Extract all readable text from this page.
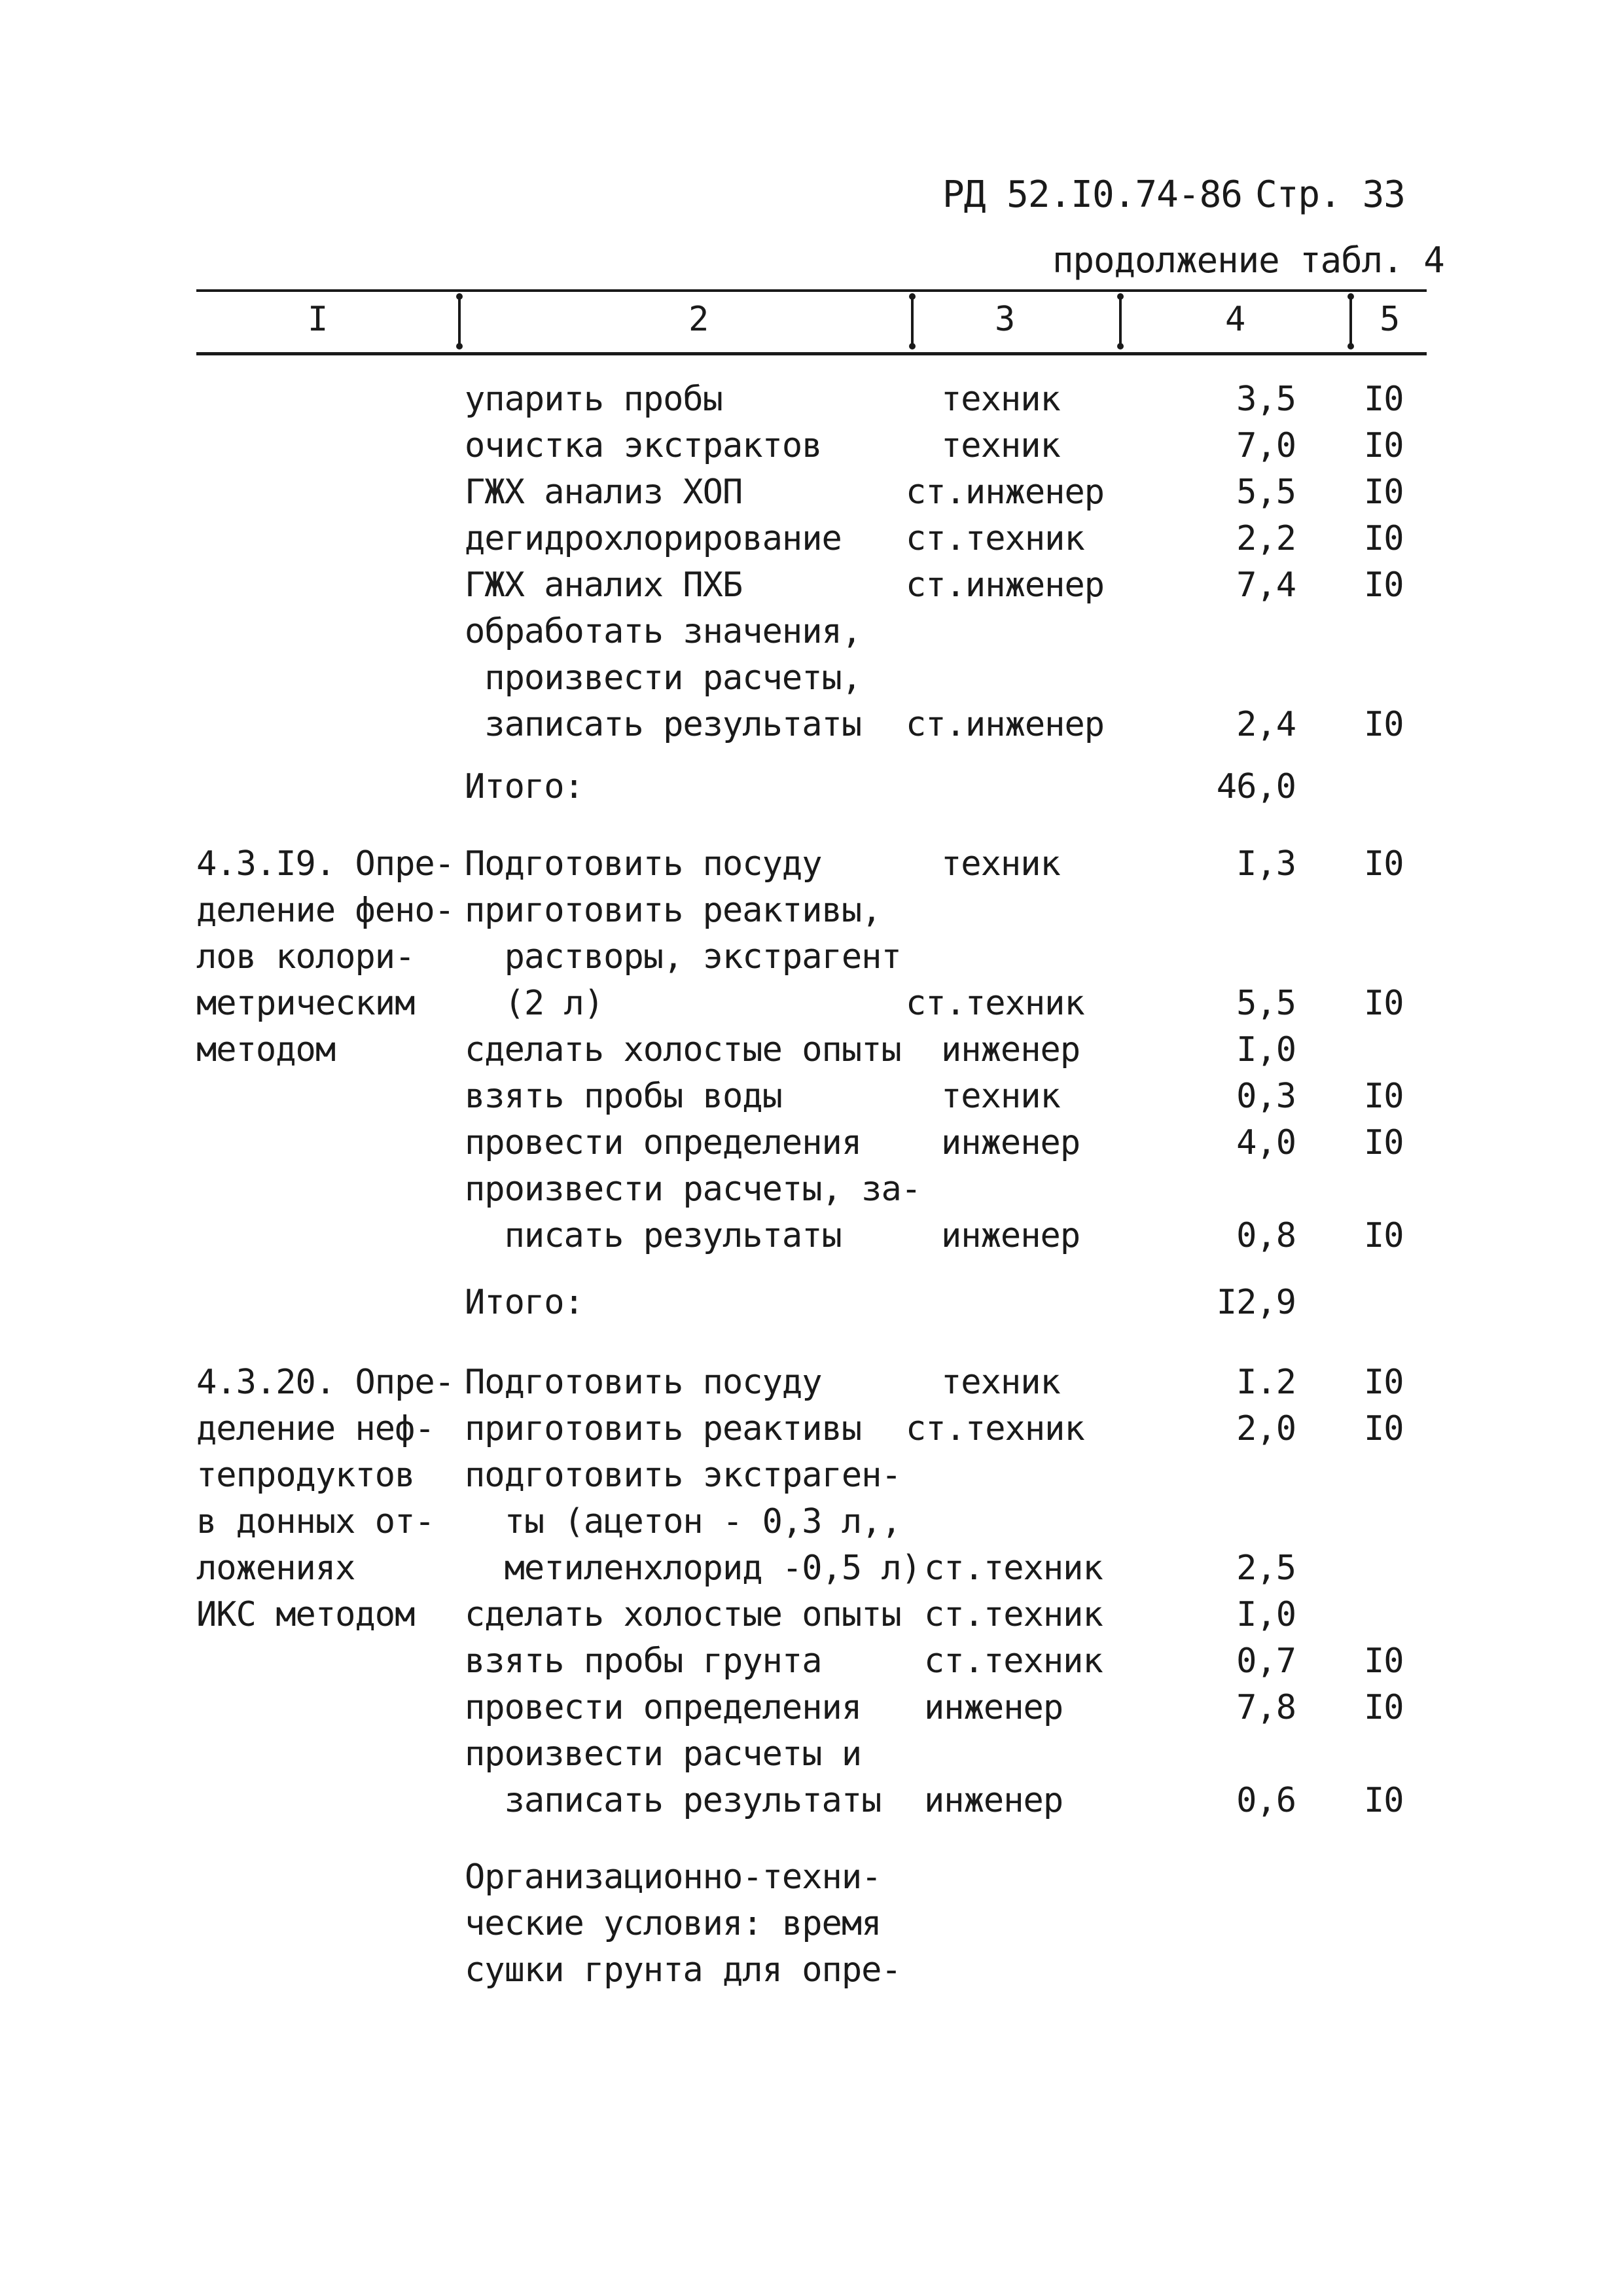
РД 52.I0.74-86 Стр. 33
продолжение табл. 4
I	2	3	4	5
упарить пробы	техник	3,5 I0
очистка экстрактов	техник	7,0 I0
ГЖХ анализ ХОП	ст.инженер	5,5 I0
дегидрохлорирование ст.техник	2,2 I0
ГЖХ аналих ПХБ	ст.инженер	7,4 I0
обработать значения,
произвести расчеты,
записать результаты ст.инженер	2,4 I0
Итого:	46,0
4.3.I9. Опре-
деление фено-
лов колори-
метрическим
методом
Подготовить посуду	техник	I,3 I0
приготовить реактивы,
растворы, экстрагент
(2 л)	ст.техник	5,5 I0
сделать холостые опыты инженер	I,0
взять пробы воды	техник	0,3 I0
провести определения инженер	4,0 I0
произвести расчеты, за-
писать результаты	инженер	0,8 I0
Итого:	I2,9
4.3.20. Опре-
деление неф-
тепродуктов
в донных от-
ложениях
ИКС методом
Подготовить посуду	техник	I.2 I0
приготовить реактивы ст.техник	2,0 I0
подготовить экстраген-
ты (ацетон - 0,3 л,,
метиленхлорид -0,5 л) ст.техник	2,5
сделать холостые опыты ст.техник	I,0
взять пробы грунта	ст.техник	0,7 I0
провести определения инженер	7,8 I0
произвести расчеты и
записать результаты инженер	0,6 I0
Организационно-техни-
ческие условия: время
сушки грунта для опре-
